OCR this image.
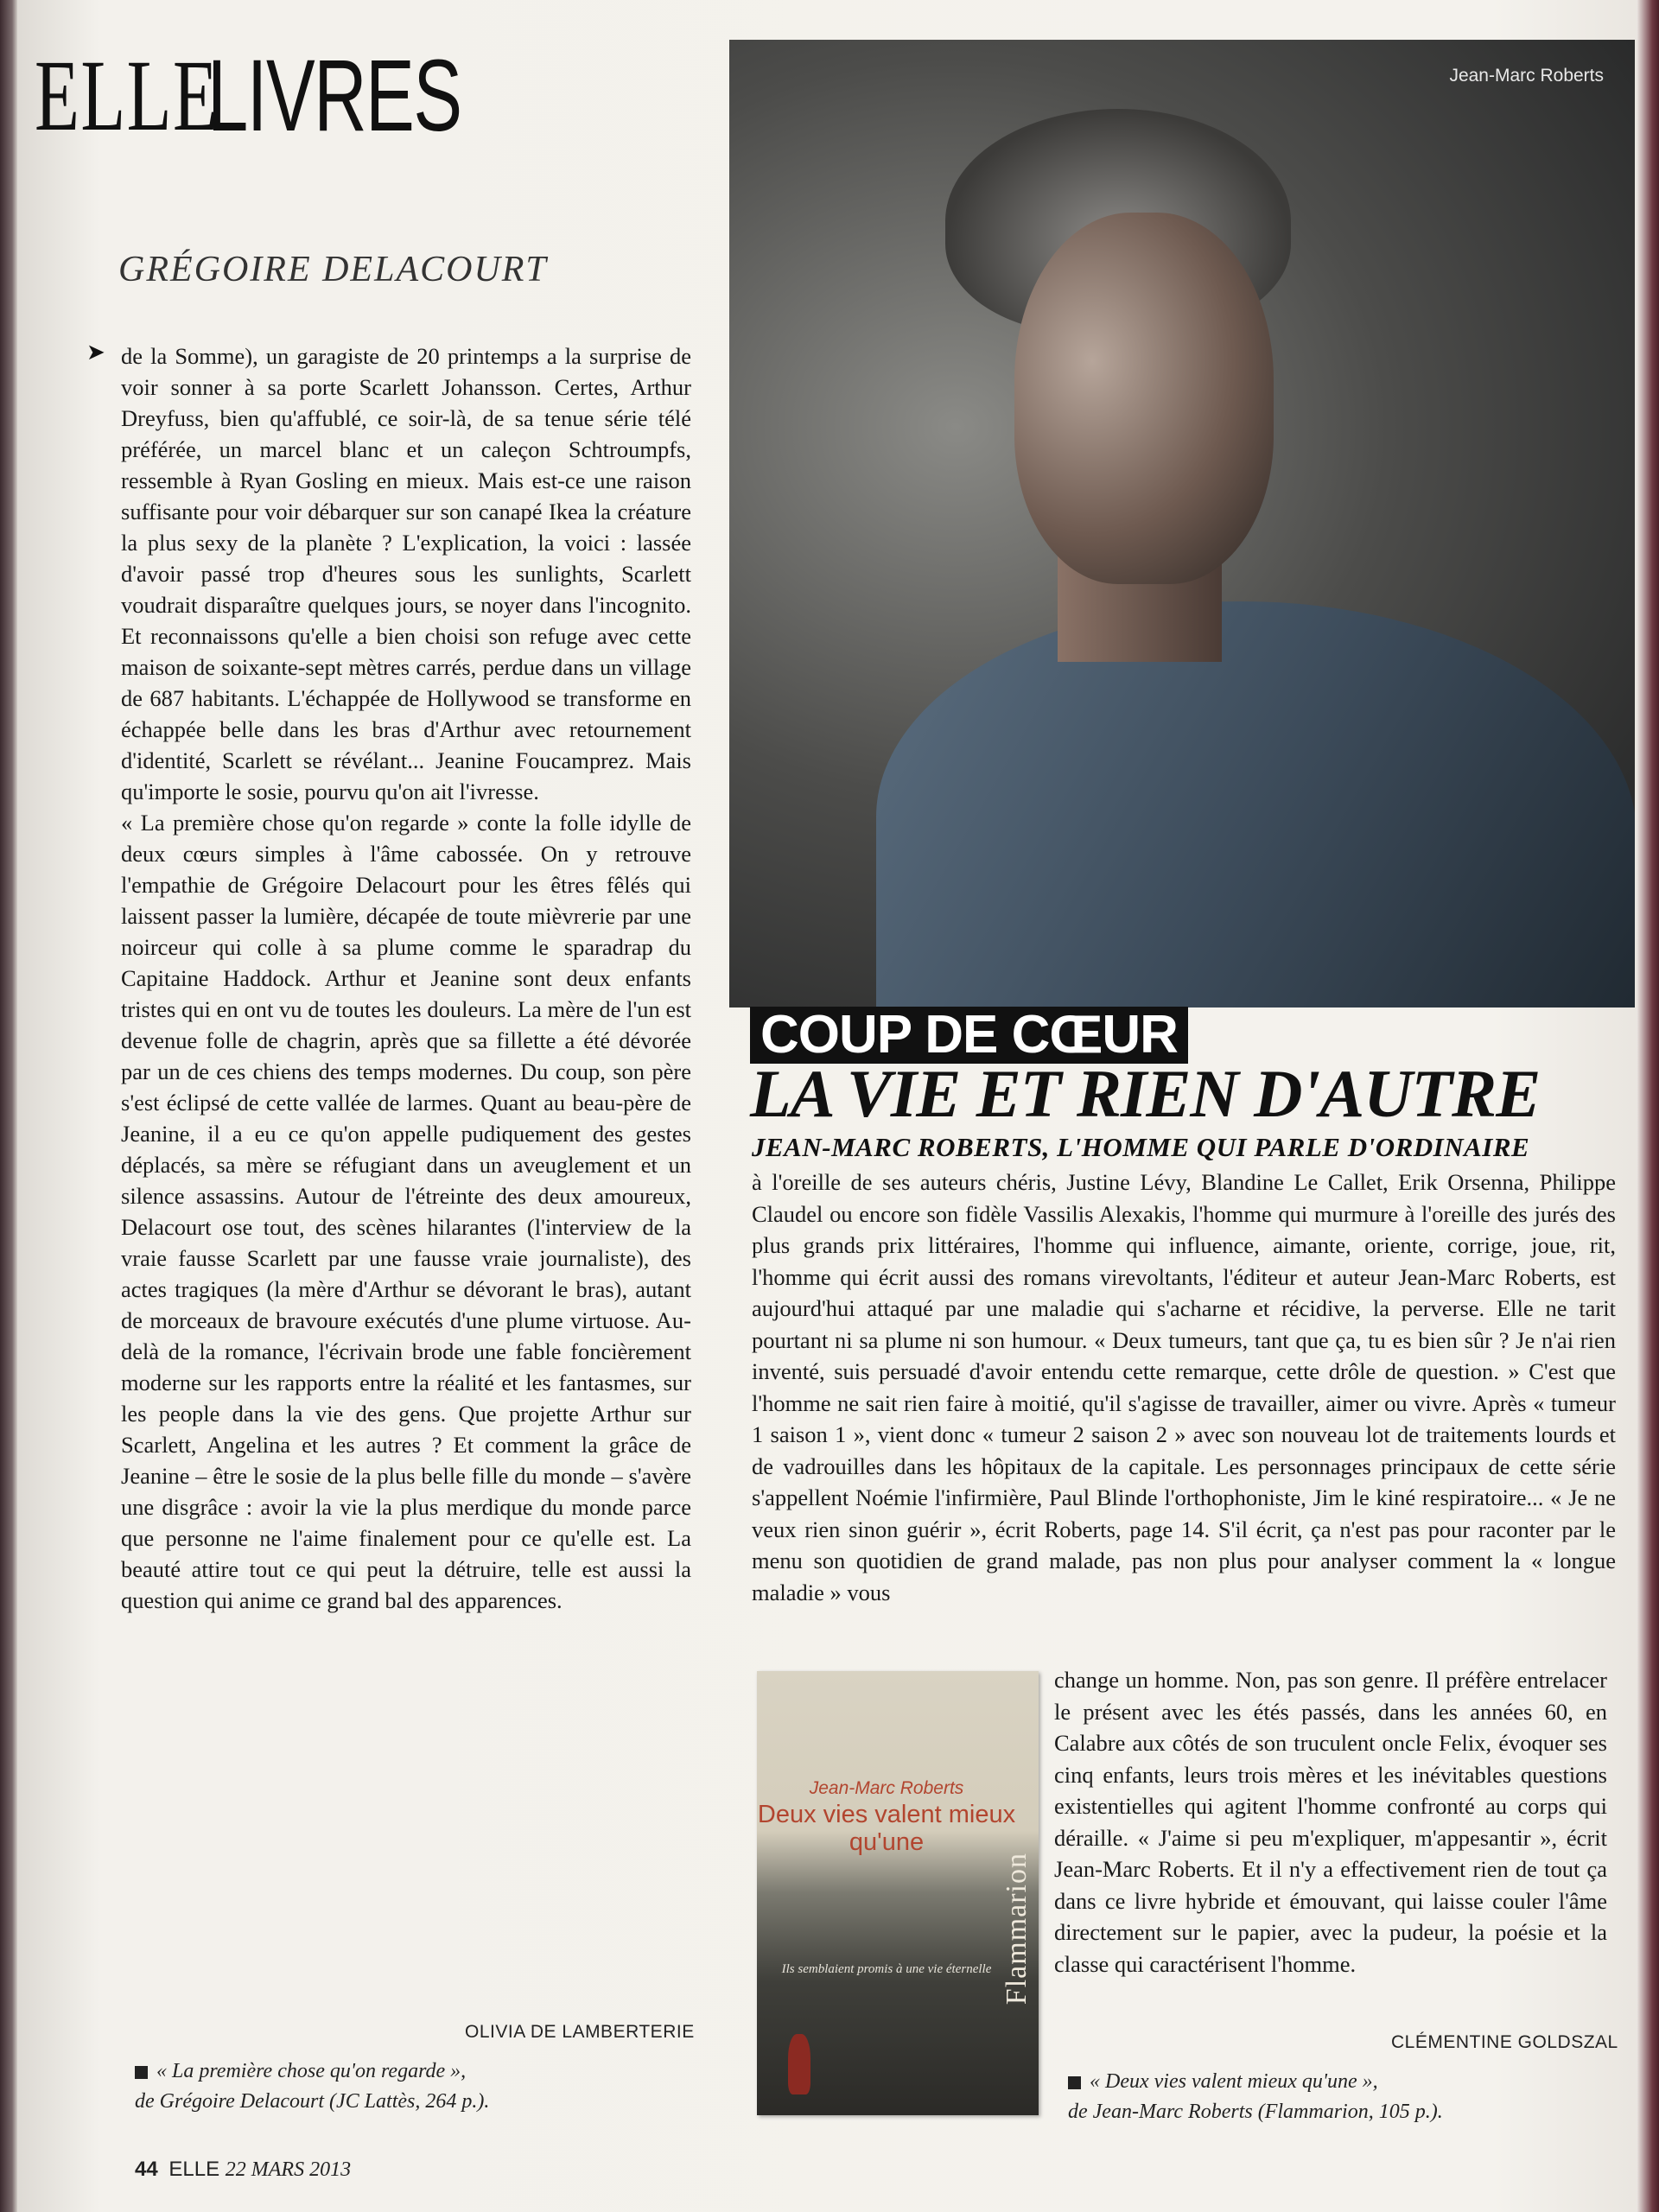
ELLE
LIVRES
GRÉGOIRE DELACOURT
➤ de la Somme), un garagiste de 20 printemps a la surprise de voir sonner à sa porte Scarlett Johansson. Certes, Arthur Dreyfuss, bien qu'affublé, ce soir-là, de sa tenue série télé préférée, un marcel blanc et un caleçon Schtroumpfs, ressemble à Ryan Gosling en mieux. Mais est-ce une raison suffisante pour voir débarquer sur son canapé Ikea la créature la plus sexy de la planète ? L'explication, la voici : lassée d'avoir passé trop d'heures sous les sunlights, Scarlett voudrait disparaître quelques jours, se noyer dans l'incognito. Et reconnaissons qu'elle a bien choisi son refuge avec cette maison de soixante-sept mètres carrés, perdue dans un village de 687 habitants. L'échappée de Hollywood se transforme en échappée belle dans les bras d'Arthur avec retournement d'identité, Scarlett se révélant... Jeanine Foucamprez. Mais qu'importe le sosie, pourvu qu'on ait l'ivresse.

« La première chose qu'on regarde » conte la folle idylle de deux cœurs simples à l'âme cabossée. On y retrouve l'empathie de Grégoire Delacourt pour les êtres fêlés qui laissent passer la lumière, décapée de toute mièvrerie par une noirceur qui colle à sa plume comme le sparadrap du Capitaine Haddock. Arthur et Jeanine sont deux enfants tristes qui en ont vu de toutes les douleurs. La mère de l'un est devenue folle de chagrin, après que sa fillette a été dévorée par un de ces chiens des temps modernes. Du coup, son père s'est éclipsé de cette vallée de larmes. Quant au beau-père de Jeanine, il a eu ce qu'on appelle pudiquement des gestes déplacés, sa mère se réfugiant dans un aveuglement et un silence assassins. Autour de l'étreinte des deux amoureux, Delacourt ose tout, des scènes hilarantes (l'interview de la vraie fausse Scarlett par une fausse vraie journaliste), des actes tragiques (la mère d'Arthur se dévorant le bras), autant de morceaux de bravoure exécutés d'une plume virtuose. Au-delà de la romance, l'écrivain brode une fable foncièrement moderne sur les rapports entre la réalité et les fantasmes, sur les people dans la vie des gens. Que projette Arthur sur Scarlett, Angelina et les autres ? Et comment la grâce de Jeanine – être le sosie de la plus belle fille du monde – s'avère une disgrâce : avoir la vie la plus merdique du monde parce que personne ne l'aime finalement pour ce qu'elle est. La beauté attire tout ce qui peut la détruire, telle est aussi la question qui anime ce grand bal des apparences.

OLIVIA DE LAMBERTERIE
« La première chose qu'on regarde »,
de Grégoire Delacourt (JC Lattès, 264 p.).
Jean-Marc Roberts
COUP DE CŒUR
LA VIE ET RIEN D'AUTRE
JEAN-MARC ROBERTS, L'HOMME QUI PARLE D'ORDINAIRE

à l'oreille de ses auteurs chéris, Justine Lévy, Blandine Le Callet, Erik Orsenna, Philippe Claudel ou encore son fidèle Vassilis Alexakis, l'homme qui murmure à l'oreille des jurés des plus grands prix littéraires, l'homme qui influence, aimante, oriente, corrige, joue, rit, l'homme qui écrit aussi des romans virevoltants, l'éditeur et auteur Jean-Marc Roberts, est aujourd'hui attaqué par une maladie qui s'acharne et récidive, la perverse. Elle ne tarit pourtant ni sa plume ni son humour. « Deux tumeurs, tant que ça, tu es bien sûr ? Je n'ai rien inventé, suis persuadé d'avoir entendu cette remarque, cette drôle de question. » C'est que l'homme ne sait rien faire à moitié, qu'il s'agisse de travailler, aimer ou vivre. Après « tumeur 1 saison 1 », vient donc « tumeur 2 saison 2 » avec son nouveau lot de traitements lourds et de vadrouilles dans les hôpitaux de la capitale. Les personnages principaux de cette série s'appellent Noémie l'infirmière, Paul Blinde l'orthophoniste, Jim le kiné respiratoire... « Je ne veux rien sinon guérir », écrit Roberts, page 14. S'il écrit, ça n'est pas pour raconter par le menu son quotidien de grand malade, pas non plus pour analyser comment la « longue maladie » vous

Jean-Marc Roberts
Deux vies valent mieux qu'une
Ils semblaient promis à une vie éternelle Flammarion

change un homme. Non, pas son genre. Il préfère entrelacer le présent avec les étés passés, dans les années 60, en Calabre aux côtés de son truculent oncle Felix, évoquer ses cinq enfants, leurs trois mères et les inévitables questions existentielles qui agitent l'homme confronté au corps qui déraille. « J'aime si peu m'expliquer, m'appesantir », écrit Jean-Marc Roberts. Et il n'y a effectivement rien de tout ça dans ce livre hybride et émouvant, qui laisse couler l'âme directement sur le papier, avec la pudeur, la poésie et la classe qui caractérisent l'homme.

CLÉMENTINE GOLDSZAL
« Deux vies valent mieux qu'une »,
de Jean-Marc Roberts (Flammarion, 105 p.).
44 ELLE 22 MARS 2013
